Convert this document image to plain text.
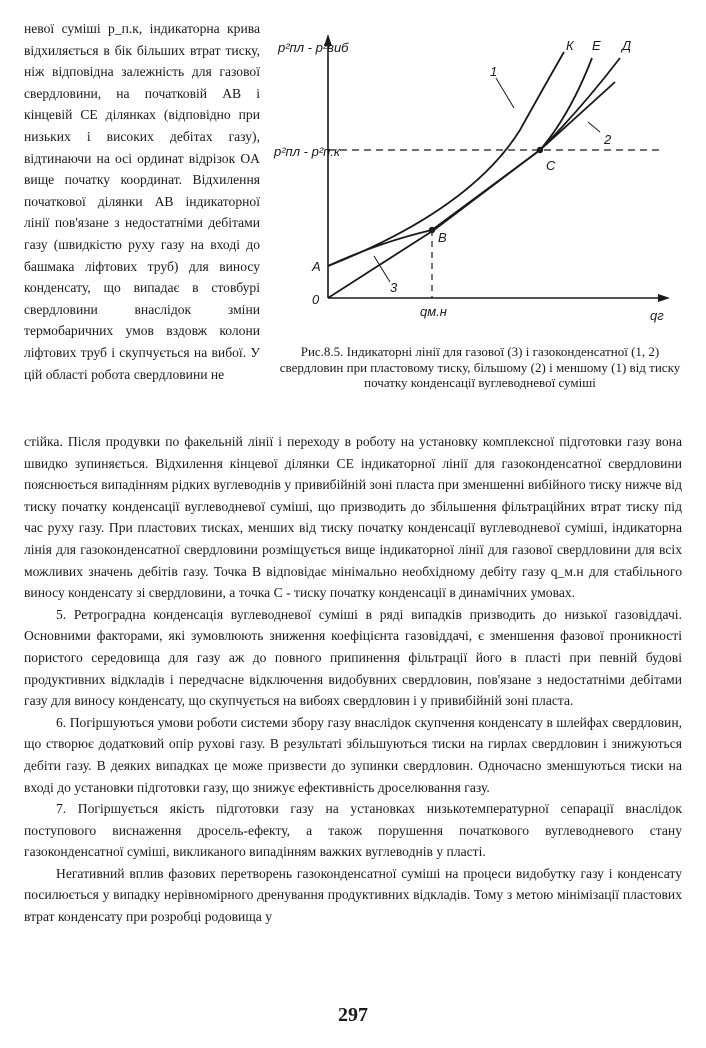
невої суміші p_п.к, індикаторна крива відхиляється в бік більших втрат тиску, ніж відповідна залежність для газової свердловини, на початковій AB і кінцевій CE ділянках (відповідно при низьких і високих дебітах газу), відтинаючи на осі ординат відрізок OA вище початку координат. Відхилення початкової ділянки AB індикаторної лінії пов'язане з недостатніми дебітами газу (швидкістю руху газу на вході до башмака ліфтових труб) для виносу конденсату, що випадає в стовбурі свердловини внаслідок зміни термобаричних умов вздовж колони ліфтових труб і скупчується на вибої. У цій області робота свердловини не

p²пл - p²виб
p²пл - p²п.к
qг
qм.н
0
A
B
C
К Е Д
1
2
3
Рис.8.5. Індикаторні лінії для газової (3) і газоконденсатної (1, 2) свердловин при пластовому тиску, більшому (2) і меншому (1) від тиску початку конденсації вуглеводневої суміші

стійка. Після продувки по факельній лінії і переходу в роботу на установку комплексної підготовки газу вона швидко зупиняється. Відхилення кінцевої ділянки CE індикаторної лінії для газоконденсатної свердловини пояснюється випадінням рідких вуглеводнів у привибійній зоні пласта при зменшенні вибійного тиску нижче від тиску початку конденсації вуглеводневої суміші, що призводить до збільшення фільтраційних втрат тиску під час руху газу. При пластових тисках, менших від тиску початку конденсації вуглеводневої суміші, індикаторна лінія для газоконденсатної свердловини розміщується вище індикаторної лінії для газової свердловини для всіх можливих значень дебітів газу. Точка B відповідає мінімально необхідному дебіту газу q_м.н для стабільного виносу конденсату зі свердловини, а точка C - тиску початку конденсації в динамічних умовах.

5. Ретроградна конденсація вуглеводневої суміші в ряді випадків призводить до низької газовіддачі. Основними факторами, які зумовлюють зниження коефіцієнта газовіддачі, є зменшення фазової проникності пористого середовища для газу аж до повного припинення фільтрації його в пласті при певній будові продуктивних відкладів і передчасне відключення видобувних свердловин, пов'язане з недостатніми дебітами газу для виносу конденсату, що скупчується на вибоях свердловин і у привибійній зоні пласта.

6. Погіршуються умови роботи системи збору газу внаслідок скупчення конденсату в шлейфах свердловин, що створює додатковий опір руховi газу. В результаті збільшуються тиски на гирлах свердловин і знижуються дебіти газу. В деяких випадках це може призвести до зупинки свердловин. Одночасно зменшуються тиски на вході до установки підготовки газу, що знижує ефективність дроселювання газу.

7. Погіршується якість підготовки газу на установках низькотемпературної сепарації внаслідок поступового виснаження дросель-ефекту, а також порушення початкового вуглеводневого стану газоконденсатної суміші, викликаного випадінням важких вуглеводнів у пласті.

Негативний вплив фазових перетворень газоконденсатної суміші на процеси видобутку газу і конденсату посилюється у випадку нерівномірного дренування продуктивних відкладів. Тому з метою мінімізації пластових втрат конденсату при розробці родовища у

297
